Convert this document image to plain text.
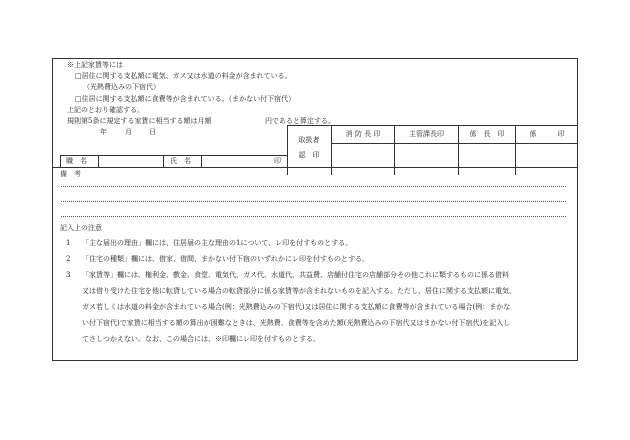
※上記家賃等には
□居住に関する支払額に電気、ガス又は水道の料金が含まれている。
（光熱費込みの下宿代）
□住居に関する支払額に食費等が含まれている。（まかない付下宿代）
上記のとおり確認する。
規則第5条に規定する家賃に相当する額は月額	円であると算定する。
年	月 日
取扱者
認　印
消 防 長 印	主管課長印	係　長　印	係　　　印
職　名	氏　名	印
備　考
記入上の注意
1 「主な届出の理由」欄には、住居届の主な理由の1について、レ印を付すものとする。
2 「住宅の種類」欄には、借家、借間、まかない付下宿のいずれかにレ印を付すものとする。
3 「家賃等」欄には、権利金、敷金、食堂、電気代、ガス代、水道代、共益費、店舗付住宅の店舗部分その他これに類するものに係る借料
又は借り受けた住宅を他に転貸している場合の転貸部分に係る家賃等が含まれないものを記入する。ただし、居住に関する支払額に電気、
ガス若しくは水道の料金が含まれている場合(例：光熱費込みの下宿代)又は居住に関する支払額に食費等が含まれている場合(例：まかな
い付下宿代)で家賃に相当する額の算出が困難なときは、光熱費、食費等を含めた額(光熱費込みの下宿代又はまかない付下宿代)を記入し
てさしつかえない。なお、この場合には、※印欄にレ印を付すものとする。
